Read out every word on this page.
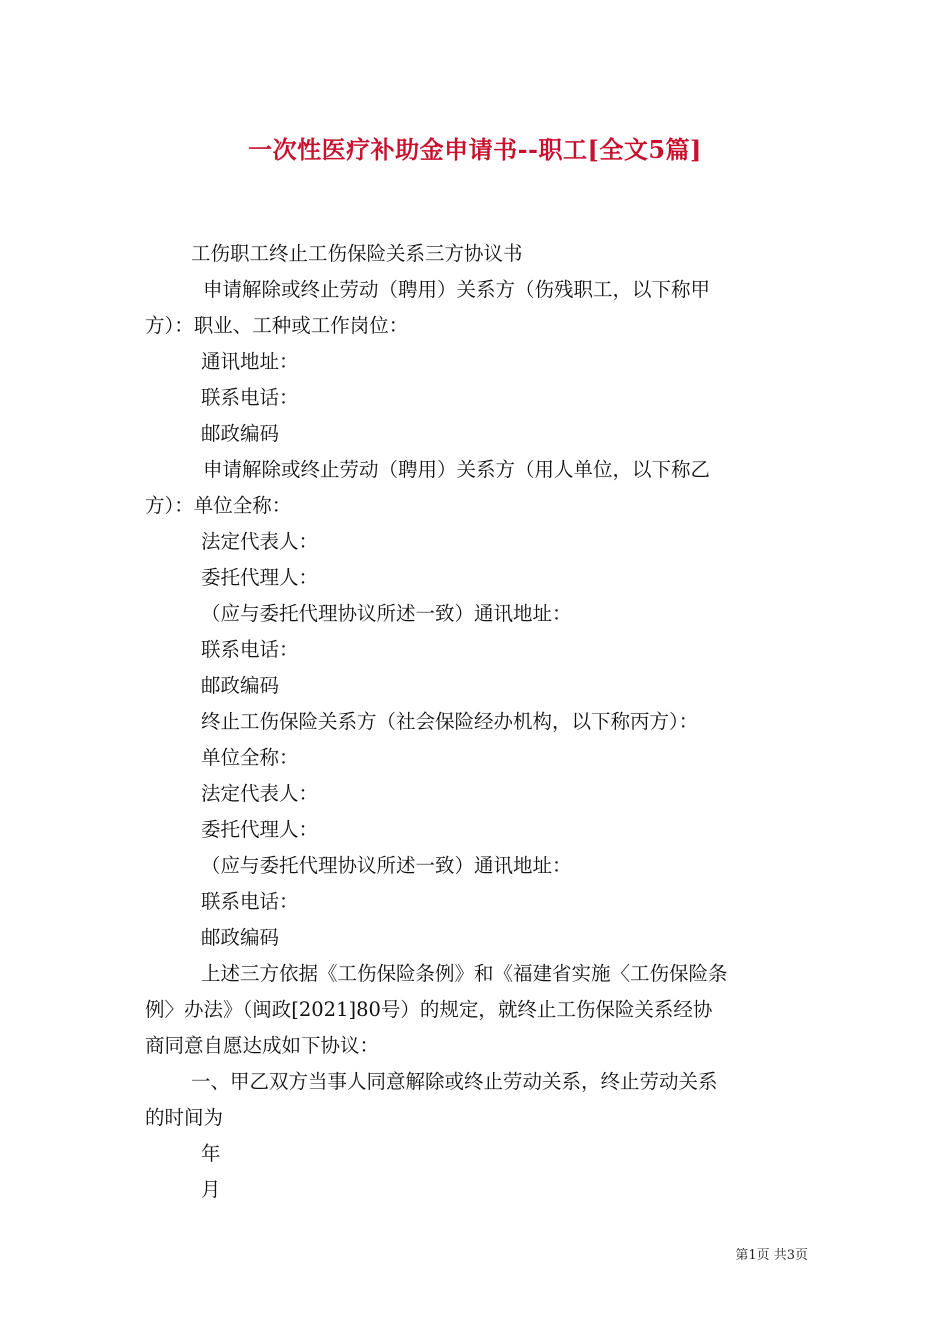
一次性医疗补助金申请书--职工[全文5篇]
工伤职工终止工伤保险关系三方协议书
申请解除或终止劳动（聘用）关系方（伤残职工，以下称甲
方）：职业、工种或工作岗位：
通讯地址：
联系电话：
邮政编码
申请解除或终止劳动（聘用）关系方（用人单位，以下称乙
方）：单位全称：
法定代表人：
委托代理人：
（应与委托代理协议所述一致）通讯地址：
联系电话：
邮政编码
终止工伤保险关系方（社会保险经办机构，以下称丙方）：
单位全称：
法定代表人：
委托代理人：
（应与委托代理协议所述一致）通讯地址：
联系电话：
邮政编码
上述三方依据《工伤保险条例》和《福建省实施〈工伤保险条
例〉办法》（闽政[2021]80号）的规定，就终止工伤保险关系经协
商同意自愿达成如下协议：
一、甲乙双方当事人同意解除或终止劳动关系，终止劳动关系
的时间为
年
月
第1页 共3页
